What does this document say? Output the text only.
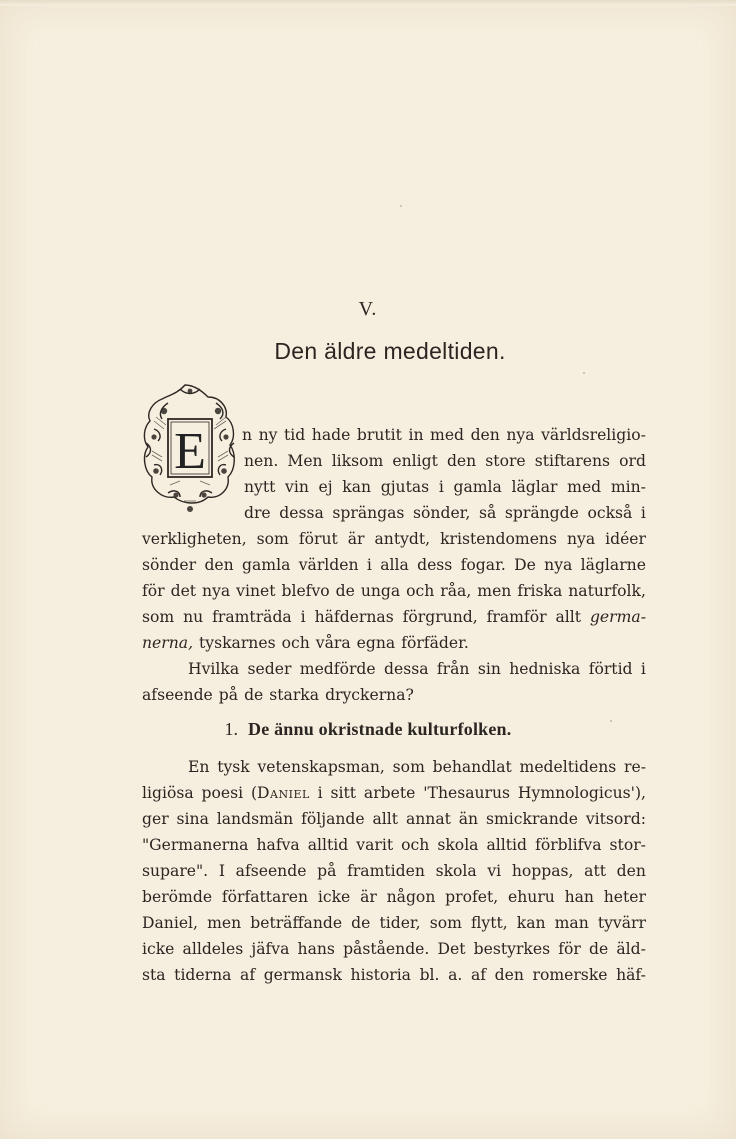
V.
Den äldre medeltiden.
E n ny tid hade brutit in med den nya världsreligio-
nen. Men liksom enligt den store stiftarens ord
nytt vin ej kan gjutas i gamla läglar med min-
dre dessa sprängas sönder, så sprängde också i
verkligheten, som förut är antydt, kristendomens nya idéer
sönder den gamla världen i alla dess fogar. De nya läglarne
för det nya vinet blefvo de unga och råa, men friska naturfolk,
som nu framträda i häfdernas förgrund, framför allt germa-
nerna, tyskarnes och våra egna förfäder.
Hvilka seder medförde dessa från sin hedniska förtid i
afseende på de starka dryckerna?
1. De ännu okristnade kulturfolken.
En tysk vetenskapsman, som behandlat medeltidens re-
ligiösa poesi (Daniel i sitt arbete 'Thesaurus Hymnologicus'),
ger sina landsmän följande allt annat än smickrande vitsord:
"Germanerna hafva alltid varit och skola alltid förblifva stor-
supare". I afseende på framtiden skola vi hoppas, att den
berömde författaren icke är någon profet, ehuru han heter
Daniel, men beträffande de tider, som flytt, kan man tyvärr
icke alldeles jäfva hans påstående. Det bestyrkes för de äld-
sta tiderna af germansk historia bl. a. af den romerske häf-
